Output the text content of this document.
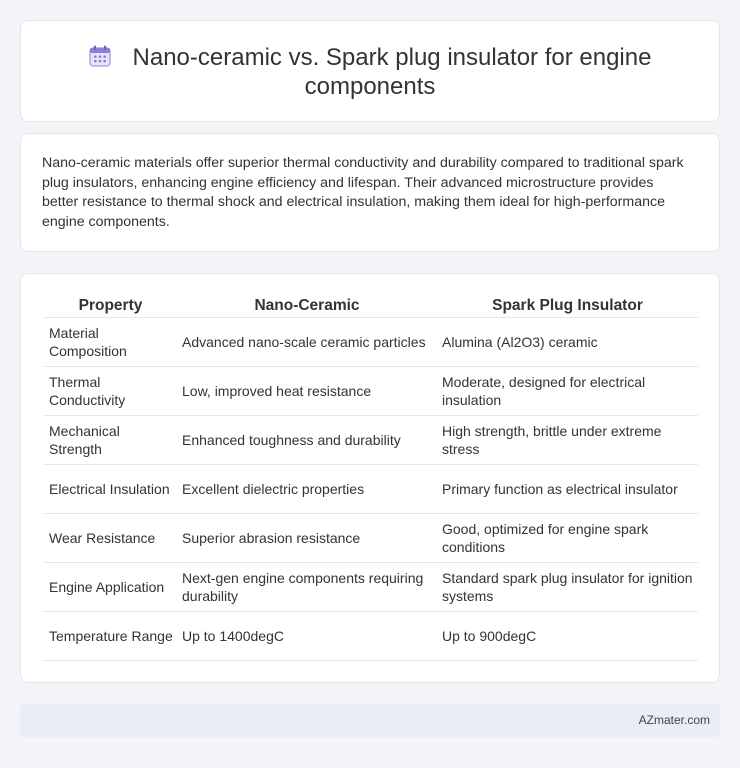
Nano-ceramic vs. Spark plug insulator for engine components

Nano-ceramic materials offer superior thermal conductivity and durability compared to traditional spark plug insulators, enhancing engine efficiency and lifespan. Their advanced microstructure provides better resistance to thermal shock and electrical insulation, making them ideal for high-performance engine components.

Property	Nano-Ceramic	Spark Plug Insulator
Material Composition	Advanced nano-scale ceramic particles	Alumina (Al2O3) ceramic
Thermal Conductivity	Low, improved heat resistance	Moderate, designed for electrical insulation
Mechanical Strength	Enhanced toughness and durability	High strength, brittle under extreme stress
Electrical Insulation	Excellent dielectric properties	Primary function as electrical insulator
Wear Resistance	Superior abrasion resistance	Good, optimized for engine spark conditions
Engine Application	Next-gen engine components requiring durability	Standard spark plug insulator for ignition systems
Temperature Range	Up to 1400degC	Up to 900degC
AZmater.com
